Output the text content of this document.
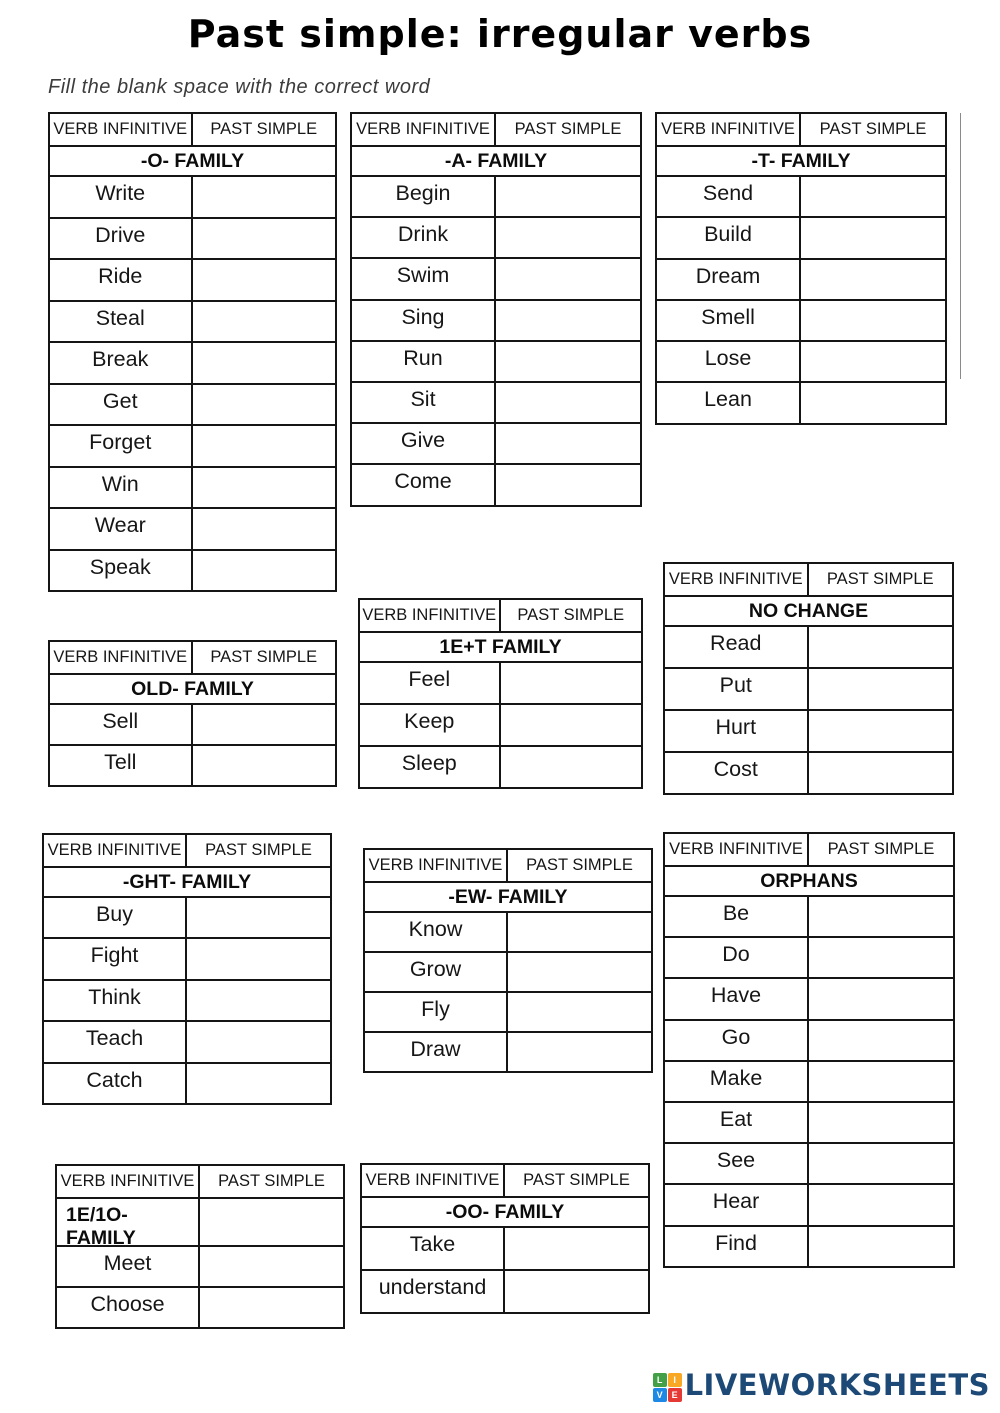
Past simple: irregular verbs
Fill the blank space with the correct word
VERB INFINITIVE	PAST SIMPLE
-O- FAMILY
Write
Drive
Ride
Steal
Break
Get
Forget
Win
Wear
Speak
VERB INFINITIVE	PAST SIMPLE
-A- FAMILY
Begin
Drink
Swim
Sing
Run
Sit
Give
Come
VERB INFINITIVE	PAST SIMPLE
-T- FAMILY
Send
Build
Dream
Smell
Lose
Lean
VERB INFINITIVE	PAST SIMPLE
OLD- FAMILY
Sell
Tell
VERB INFINITIVE	PAST SIMPLE
1E+T FAMILY
Feel
Keep
Sleep
VERB INFINITIVE	PAST SIMPLE
NO CHANGE
Read
Put
Hurt
Cost
VERB INFINITIVE	PAST SIMPLE
-GHT- FAMILY
Buy
Fight
Think
Teach
Catch
VERB INFINITIVE	PAST SIMPLE
-EW- FAMILY
Know
Grow
Fly
Draw
VERB INFINITIVE	PAST SIMPLE
ORPHANS
Be
Do
Have
Go
Make
Eat
See
Hear
Find
VERB INFINITIVE	PAST SIMPLE
1E/1O- FAMILY
Meet
Choose
VERB INFINITIVE	PAST SIMPLE
-OO- FAMILY
Take
understand
L	I
V E LIVEWORKSHEETS
